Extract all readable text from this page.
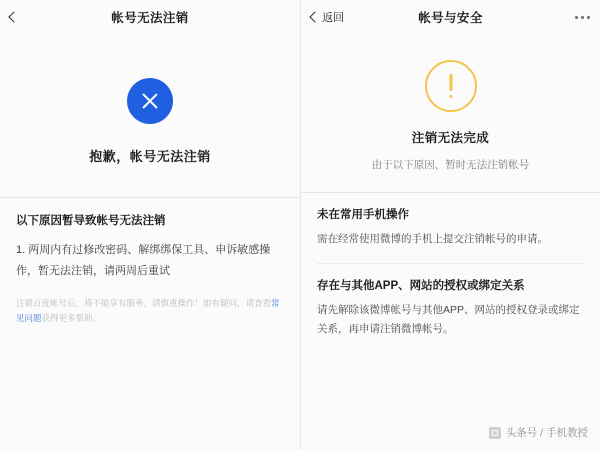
帐号无法注销
抱歉，帐号无法注销
以下原因暂导致帐号无法注销
1. 两周内有过修改密码、解绑绑保工具、申诉敏感操作，暂无法注销，请两周后重试
注销百度帐号后，将不能享有服务，请慎重操作！如有疑问，请查看常见问题获得更多帮助。
返回	帐号与安全
注销无法完成
由于以下原因，暂时无法注销帐号
未在常用手机操作
需在经常使用微博的手机上提交注销帐号的申请。
存在与其他APP、网站的授权或绑定关系
请先解除该微博帐号与其他APP、网站的授权登录或绑定关系，再申请注销微博帐号。
头条号 / 手机教授
